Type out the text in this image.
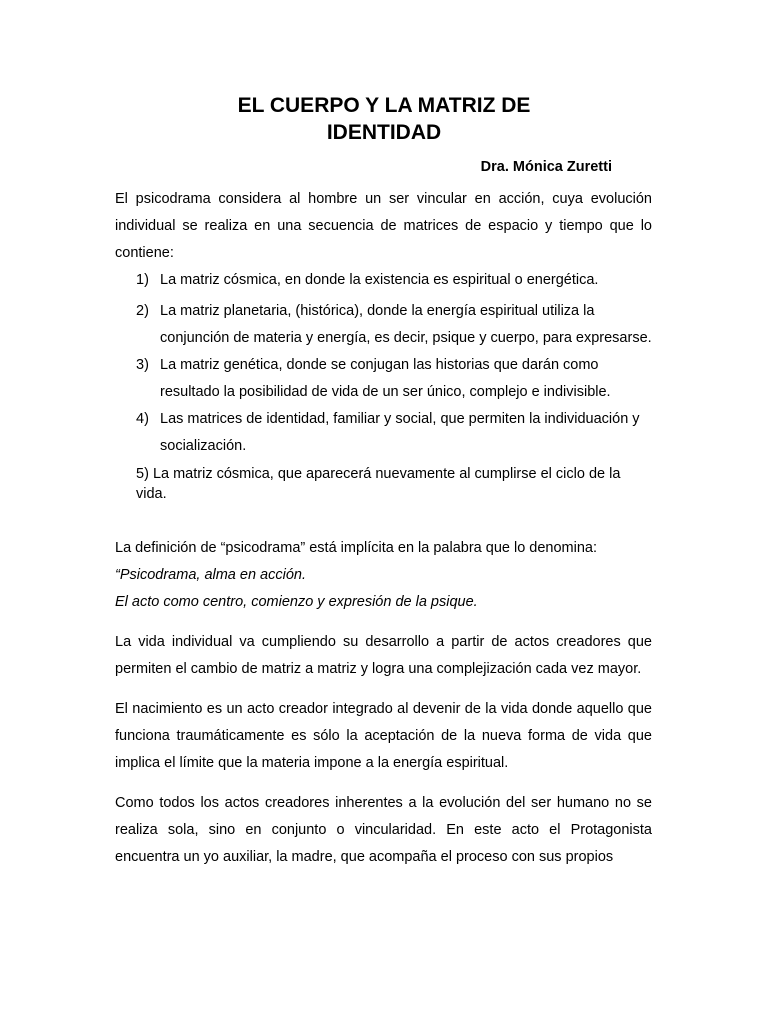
EL CUERPO Y LA MATRIZ DE
IDENTIDAD
Dra. Mónica Zuretti

El psicodrama considera al hombre un ser vincular en acción, cuya evolución individual se realiza en una secuencia de matrices de espacio y tiempo que lo contiene:

1) La matriz cósmica, en donde la existencia es espiritual o energética.
2) La matriz planetaria, (histórica), donde la energía espiritual utiliza la conjunción de materia y energía, es decir, psique y cuerpo, para expresarse.
3) La matriz genética, donde se conjugan las historias que darán como resultado la posibilidad de vida de un ser único, complejo e indivisible.
4) Las matrices de identidad, familiar y social, que permiten la individuación y socialización.
5) La matriz cósmica, que aparecerá nuevamente al cumplirse el ciclo de la vida.

La definición de “psicodrama” está implícita en la palabra que lo denomina:

“Psicodrama, alma en acción.

El acto como centro, comienzo y expresión de la psique.

La vida individual va cumpliendo su desarrollo a partir de actos creadores que permiten el cambio de matriz a matriz y logra una complejización cada vez mayor.

El nacimiento es un acto creador integrado al devenir de la vida donde aquello que funciona traumáticamente es sólo la aceptación de la nueva forma de vida que implica el límite que la materia impone a la energía espiritual.

Como todos los actos creadores inherentes a la evolución del ser humano no se realiza sola, sino en conjunto o vincularidad. En este acto el Protagonista encuentra un yo auxiliar, la madre, que acompaña el proceso con sus propios
